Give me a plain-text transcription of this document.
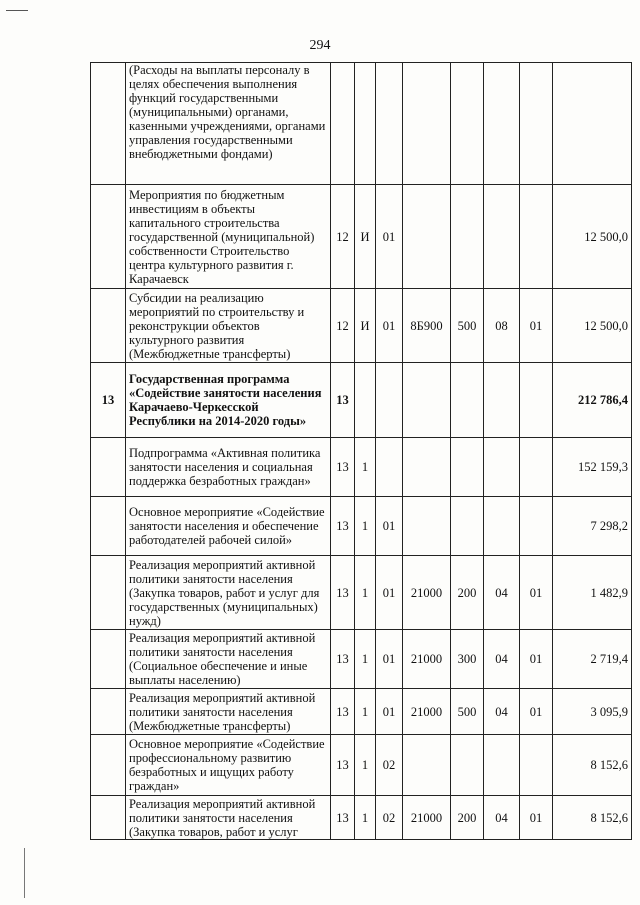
294
	(Расходы на выплаты персоналу в целях обеспечения выполнения функций государственными (муниципальными) органами, казенными учреждениями, органами управления государственными внебюджетными фондами)								
	Мероприятия по бюджетным инвестициям в объекты капитального строительства государственной (муниципальной) собственности Строительство центра культурного развития г. Карачаевск	12	И	01					12 500,0
	Субсидии на реализацию мероприятий по строительству и реконструкции объектов культурного развития (Межбюджетные трансферты)	12	И	01	8Б900	500	08	01	12 500,0
13	Государственная программа «Содействие занятости населения Карачаево-Черкесской Республики на 2014-2020 годы»	13							212 786,4
	Подпрограмма «Активная политика занятости населения и социальная поддержка безработных граждан»	13	1						152 159,3
	Основное мероприятие «Содействие занятости населения и обеспечение работодателей рабочей силой»	13	1	01					7 298,2
	Реализация мероприятий активной политики занятости населения (Закупка товаров, работ и услуг для государственных (муниципальных) нужд)	13	1	01	21000	200	04	01	1 482,9
	Реализация мероприятий активной политики занятости населения (Социальное обеспечение и иные выплаты населению)	13	1	01	21000	300	04	01	2 719,4
	Реализация мероприятий активной политики занятости населения (Межбюджетные трансферты)	13	1	01	21000	500	04	01	3 095,9
	Основное мероприятие «Содействие профессиональному развитию безработных и ищущих работу граждан»	13	1	02					8 152,6
	Реализация мероприятий активной политики занятости населения (Закупка товаров, работ и услуг	13	1	02	21000	200	04	01	8 152,6
